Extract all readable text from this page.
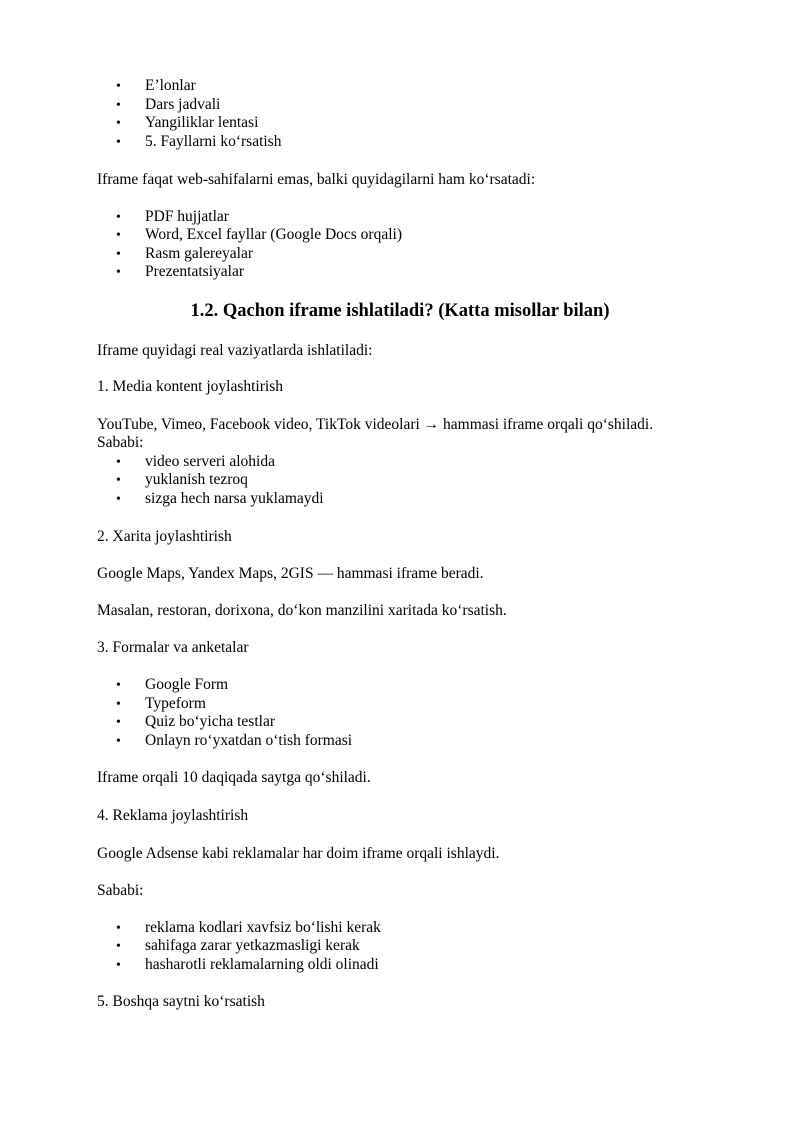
• E’lonlar
• Dars jadvali
• Yangiliklar lentasi
• 5. Fayllarni ko‘rsatish
Iframe faqat web-sahifalarni emas, balki quyidagilarni ham ko‘rsatadi:
• PDF hujjatlar
• Word, Excel fayllar (Google Docs orqali)
• Rasm galereyalar
• Prezentatsiyalar
1.2. Qachon iframe ishlatiladi? (Katta misollar bilan)
Iframe quyidagi real vaziyatlarda ishlatiladi:
1. Media kontent joylashtirish
YouTube, Vimeo, Facebook video, TikTok videolari → hammasi iframe orqali qo‘shiladi.
Sababi:
• video serveri alohida
• yuklanish tezroq
• sizga hech narsa yuklamaydi
2. Xarita joylashtirish
Google Maps, Yandex Maps, 2GIS — hammasi iframe beradi.
Masalan, restoran, dorixona, do‘kon manzilini xaritada ko‘rsatish.
3. Formalar va anketalar
• Google Form
• Typeform
• Quiz bo‘yicha testlar
• Onlayn ro‘yxatdan o‘tish formasi
Iframe orqali 10 daqiqada saytga qo‘shiladi.
4. Reklama joylashtirish
Google Adsense kabi reklamalar har doim iframe orqali ishlaydi.
Sababi:
• reklama kodlari xavfsiz bo‘lishi kerak
• sahifaga zarar yetkazmasligi kerak
• hasharotli reklamalarning oldi olinadi
5. Boshqa saytni ko‘rsatish
